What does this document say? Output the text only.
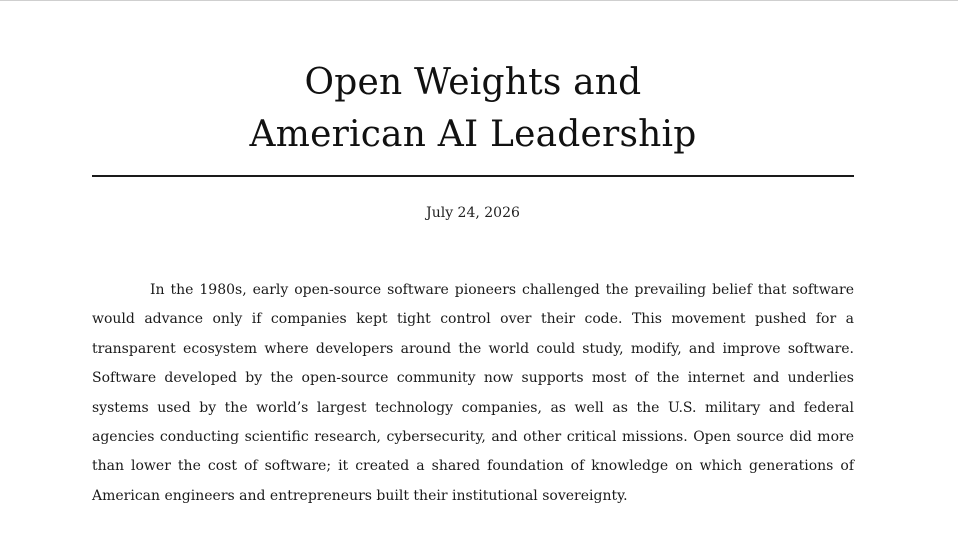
Open Weights and
American AI Leadership
July 24, 2026

In the 1980s, early open-source software pioneers challenged the prevailing belief that software would advance only if companies kept tight control over their code. This movement pushed for a transparent ecosystem where developers around the world could study, modify, and improve software. Software developed by the open-source community now supports most of the internet and underlies systems used by the world’s largest technology companies, as well as the U.S. military and federal agencies conducting scientific research, cybersecurity, and other critical missions. Open source did more than lower the cost of software; it created a shared foundation of knowledge on which generations of American engineers and entrepreneurs built their institutional sovereignty.
